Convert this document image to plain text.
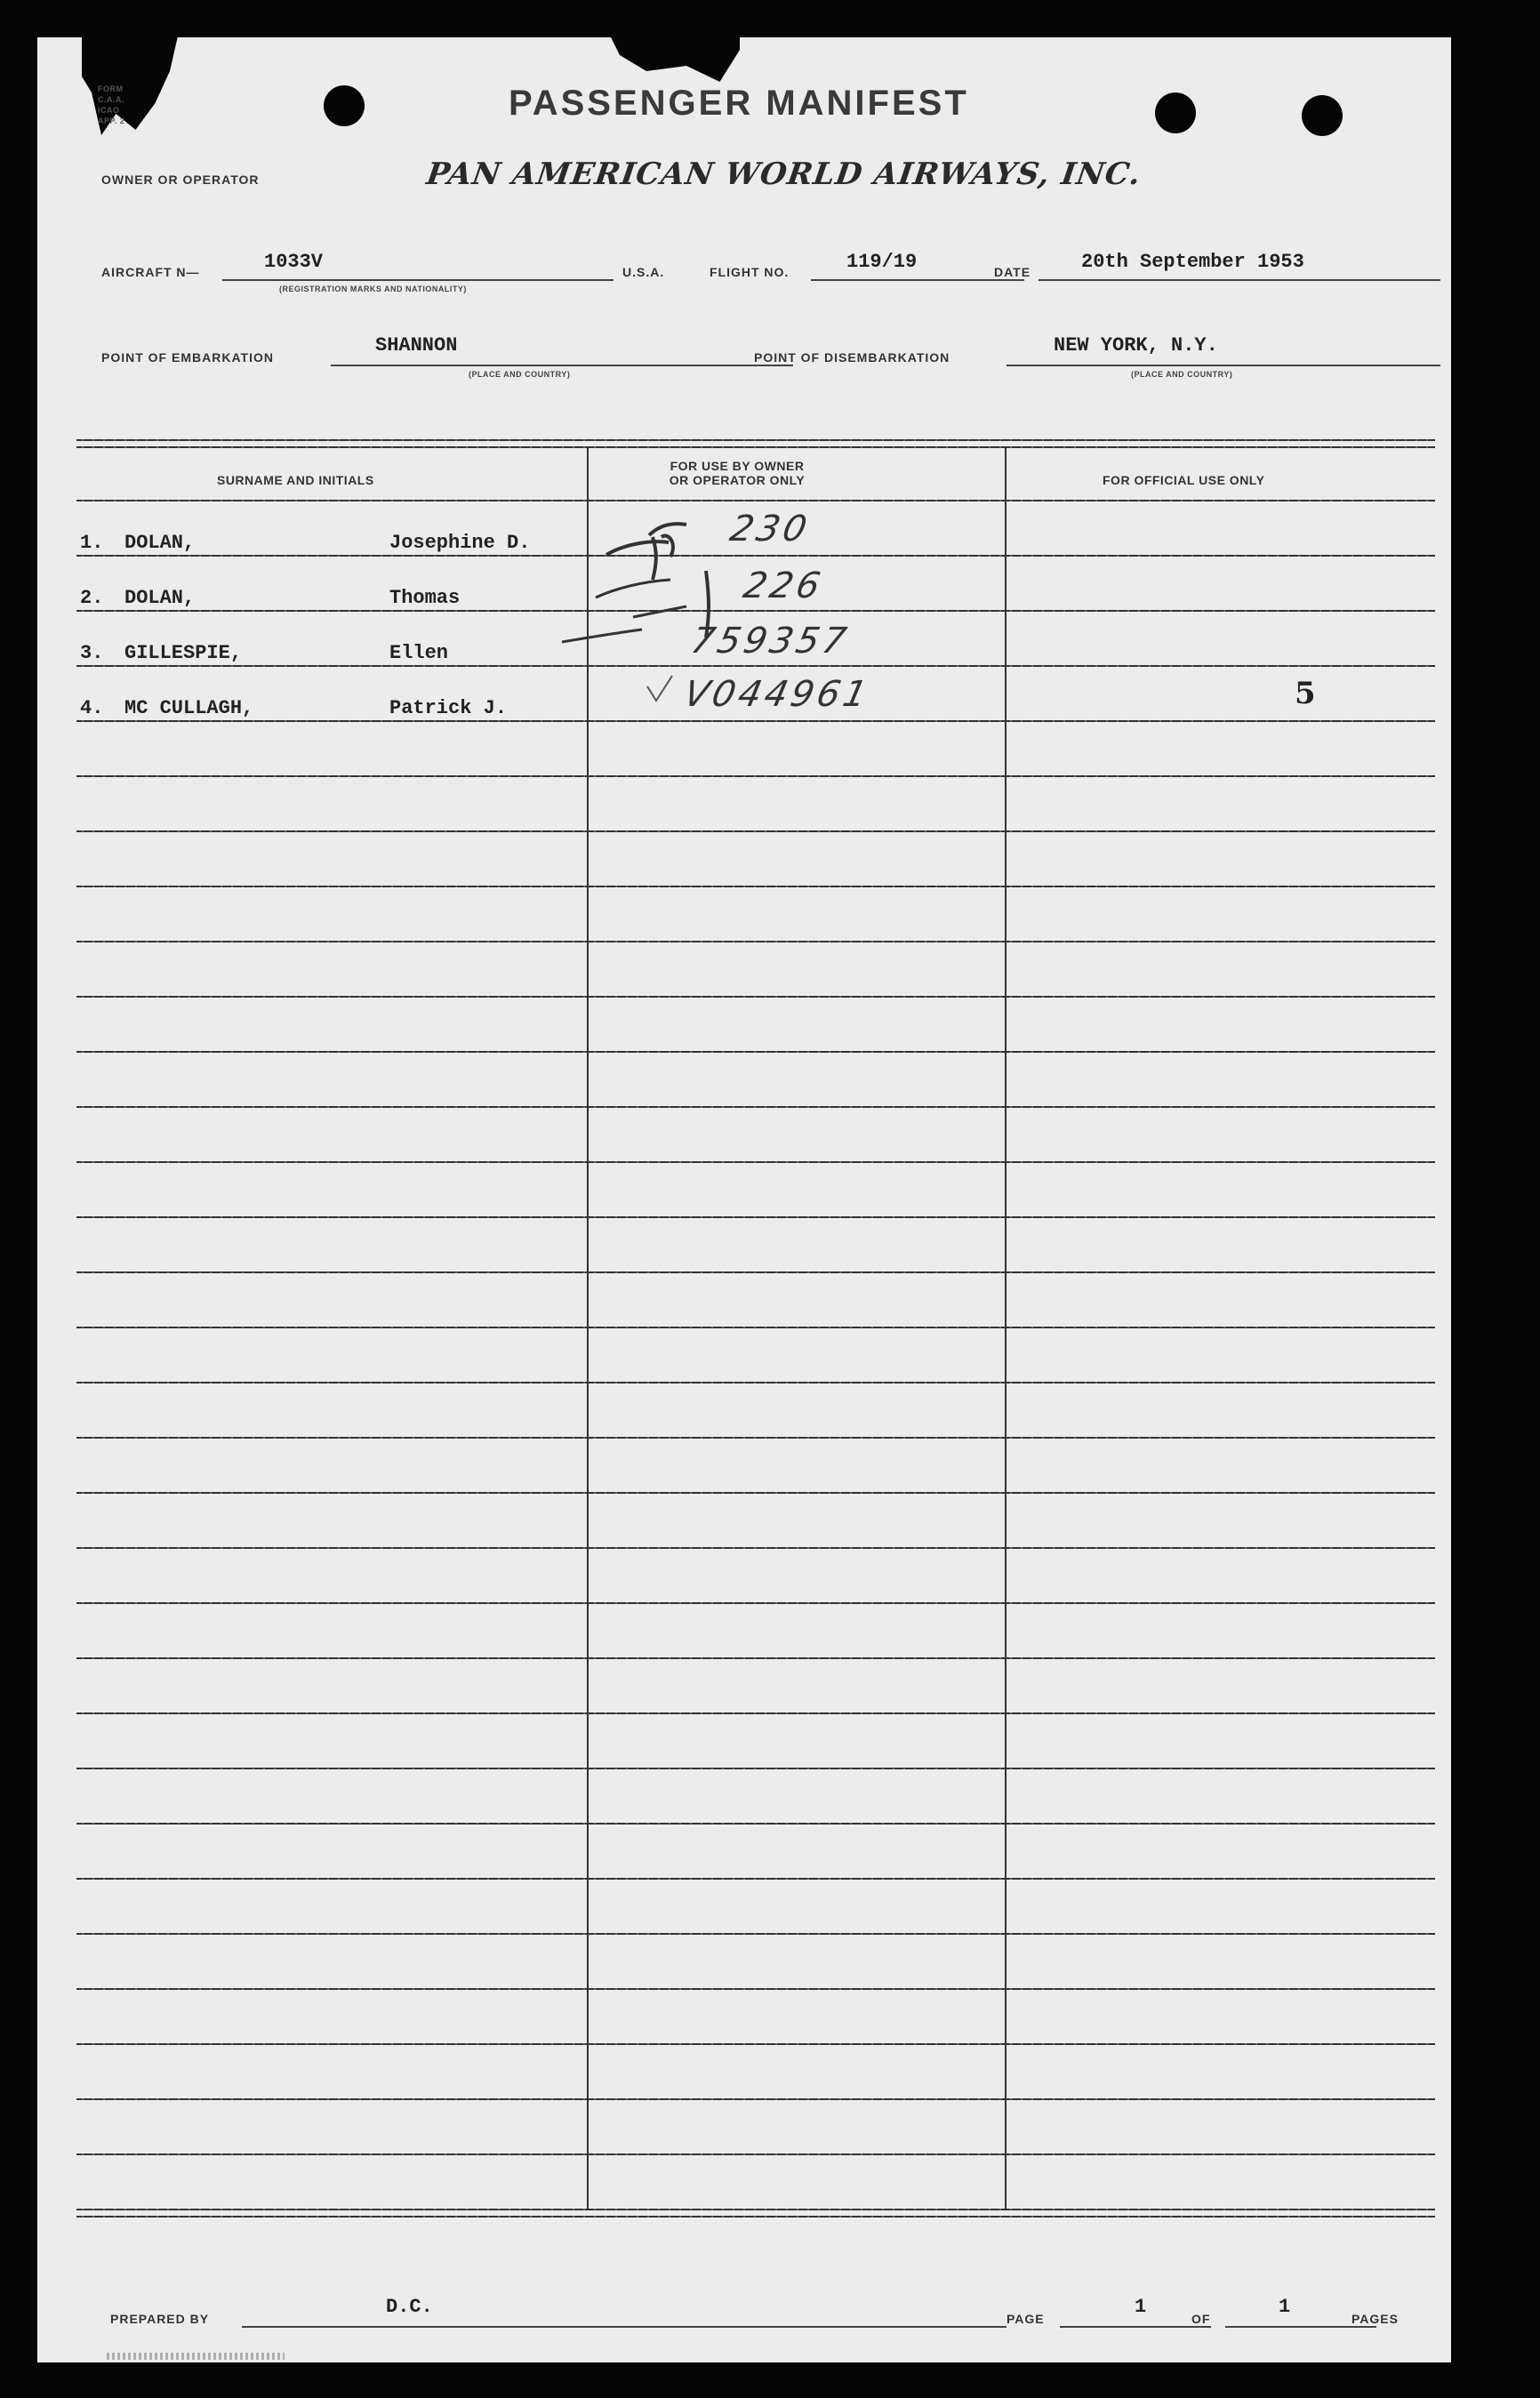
FORM
C.A.A.
ICAO
APP. 2	PASSENGER MANIFEST
OWNER OR OPERATOR	PAN AMERICAN WORLD AIRWAYS, INC.
AIRCRAFT N—	1033V
(REGISTRATION MARKS AND NATIONALITY)
U.S.A.	FLIGHT NO.	119/19	DATE	20th September 1953
POINT OF EMBARKATION
SHANNON
(PLACE AND COUNTRY)
POINT OF DISEMBARKATION
NEW YORK, N.Y.
(PLACE AND COUNTRY)
SURNAME AND INITIALS
FOR USE BY OWNER
OR OPERATOR ONLY	FOR OFFICIAL USE ONLY
1. DOLAN,	Josephine D.	230
2. DOLAN,	Thomas	226
3. GILLESPIE,	Ellen	759357
4. MC CULLAGH,	Patrick J.	V044961	5
PREPARED BY
D.C.
PAGE
1
OF
1
PAGES
